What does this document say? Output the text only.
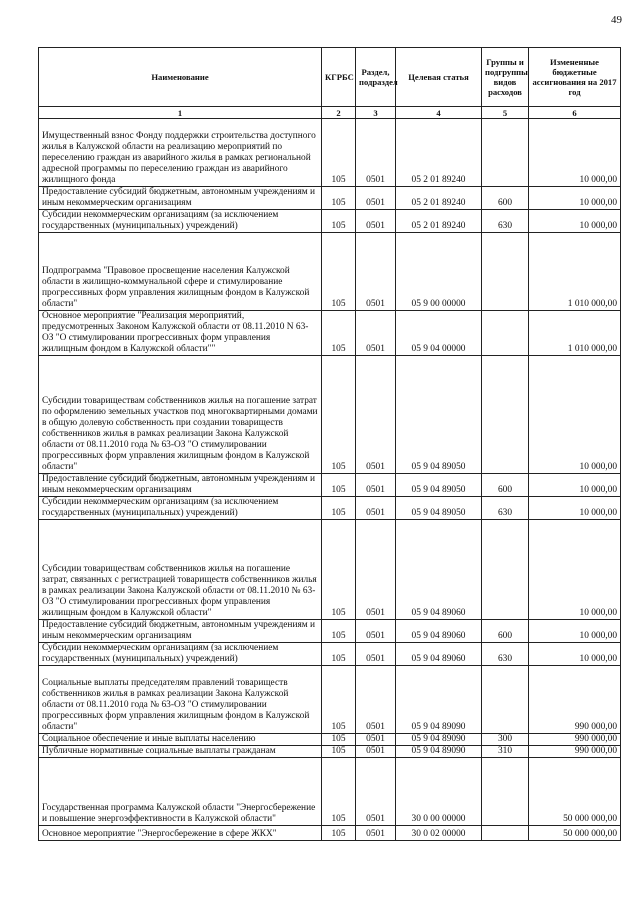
49
Наименование	КГРБС	Раздел, подраздел	Целевая статья	Группы и подгруппы видов расходов	Измененные бюджетные ассигнования на 2017 год
1	2	3	4	5	6
Имущественный взнос Фонду поддержки строительства доступного жилья в Калужской области на реализацию мероприятий по переселению граждан из аварийного жилья в рамках региональной адресной программы по переселению граждан из аварийного жилищного фонда	105	0501	05 2 01 89240		10 000,00
Предоставление субсидий бюджетным, автономным учреждениям и иным некоммерческим организациям	105	0501	05 2 01 89240	600	10 000,00
Субсидии некоммерческим организациям (за исключением государственных (муниципальных) учреждений)	105	0501	05 2 01 89240	630	10 000,00
Подпрограмма "Правовое просвещение населения Калужской области в жилищно-коммунальной сфере и стимулирование прогрессивных форм управления жилищным фондом в Калужской области"	105	0501	05 9 00 00000		1 010 000,00
Основное мероприятие "Реализация мероприятий, предусмотренных Законом Калужской области от 08.11.2010 N 63-ОЗ "О стимулировании прогрессивных форм управления жилищным фондом в Калужской области""	105	0501	05 9 04 00000		1 010 000,00
Субсидии товариществам собственников жилья на погашение затрат по оформлению земельных участков под многоквартирными домами в общую долевую собственность при создании товариществ собственников жилья в рамках реализации Закона Калужской области от 08.11.2010 года № 63-ОЗ "О стимулировании прогрессивных форм управления жилищным фондом в Калужской области"	105	0501	05 9 04 89050		10 000,00
Предоставление субсидий бюджетным, автономным учреждениям и иным некоммерческим организациям	105	0501	05 9 04 89050	600	10 000,00
Субсидии некоммерческим организациям (за исключением государственных (муниципальных) учреждений)	105	0501	05 9 04 89050	630	10 000,00
Субсидии товариществам собственников жилья на погашение затрат, связанных с регистрацией товариществ собственников жилья в рамках реализации Закона Калужской области от 08.11.2010 № 63-ОЗ "О стимулировании прогрессивных форм управления жилищным фондом в Калужской области"	105	0501	05 9 04 89060		10 000,00
Предоставление субсидий бюджетным, автономным учреждениям и иным некоммерческим организациям	105	0501	05 9 04 89060	600	10 000,00
Субсидии некоммерческим организациям (за исключением государственных (муниципальных) учреждений)	105	0501	05 9 04 89060	630	10 000,00
Социальные выплаты председателям правлений товариществ собственников жилья в рамках реализации Закона Калужской области от 08.11.2010 года № 63-ОЗ "О стимулировании прогрессивных форм управления жилищным фондом в Калужской области"	105	0501	05 9 04 89090		990 000,00
Социальное обеспечение и иные выплаты населению	105	0501	05 9 04 89090	300	990 000,00
Публичные нормативные социальные выплаты гражданам	105	0501	05 9 04 89090	310	990 000,00
Государственная программа Калужской области "Энергосбережение и повышение энергоэффективности в Калужской области"	105	0501	30 0 00 00000		50 000 000,00
Основное мероприятие "Энергосбережение в сфере ЖКХ"	105	0501	30 0 02 00000		50 000 000,00
